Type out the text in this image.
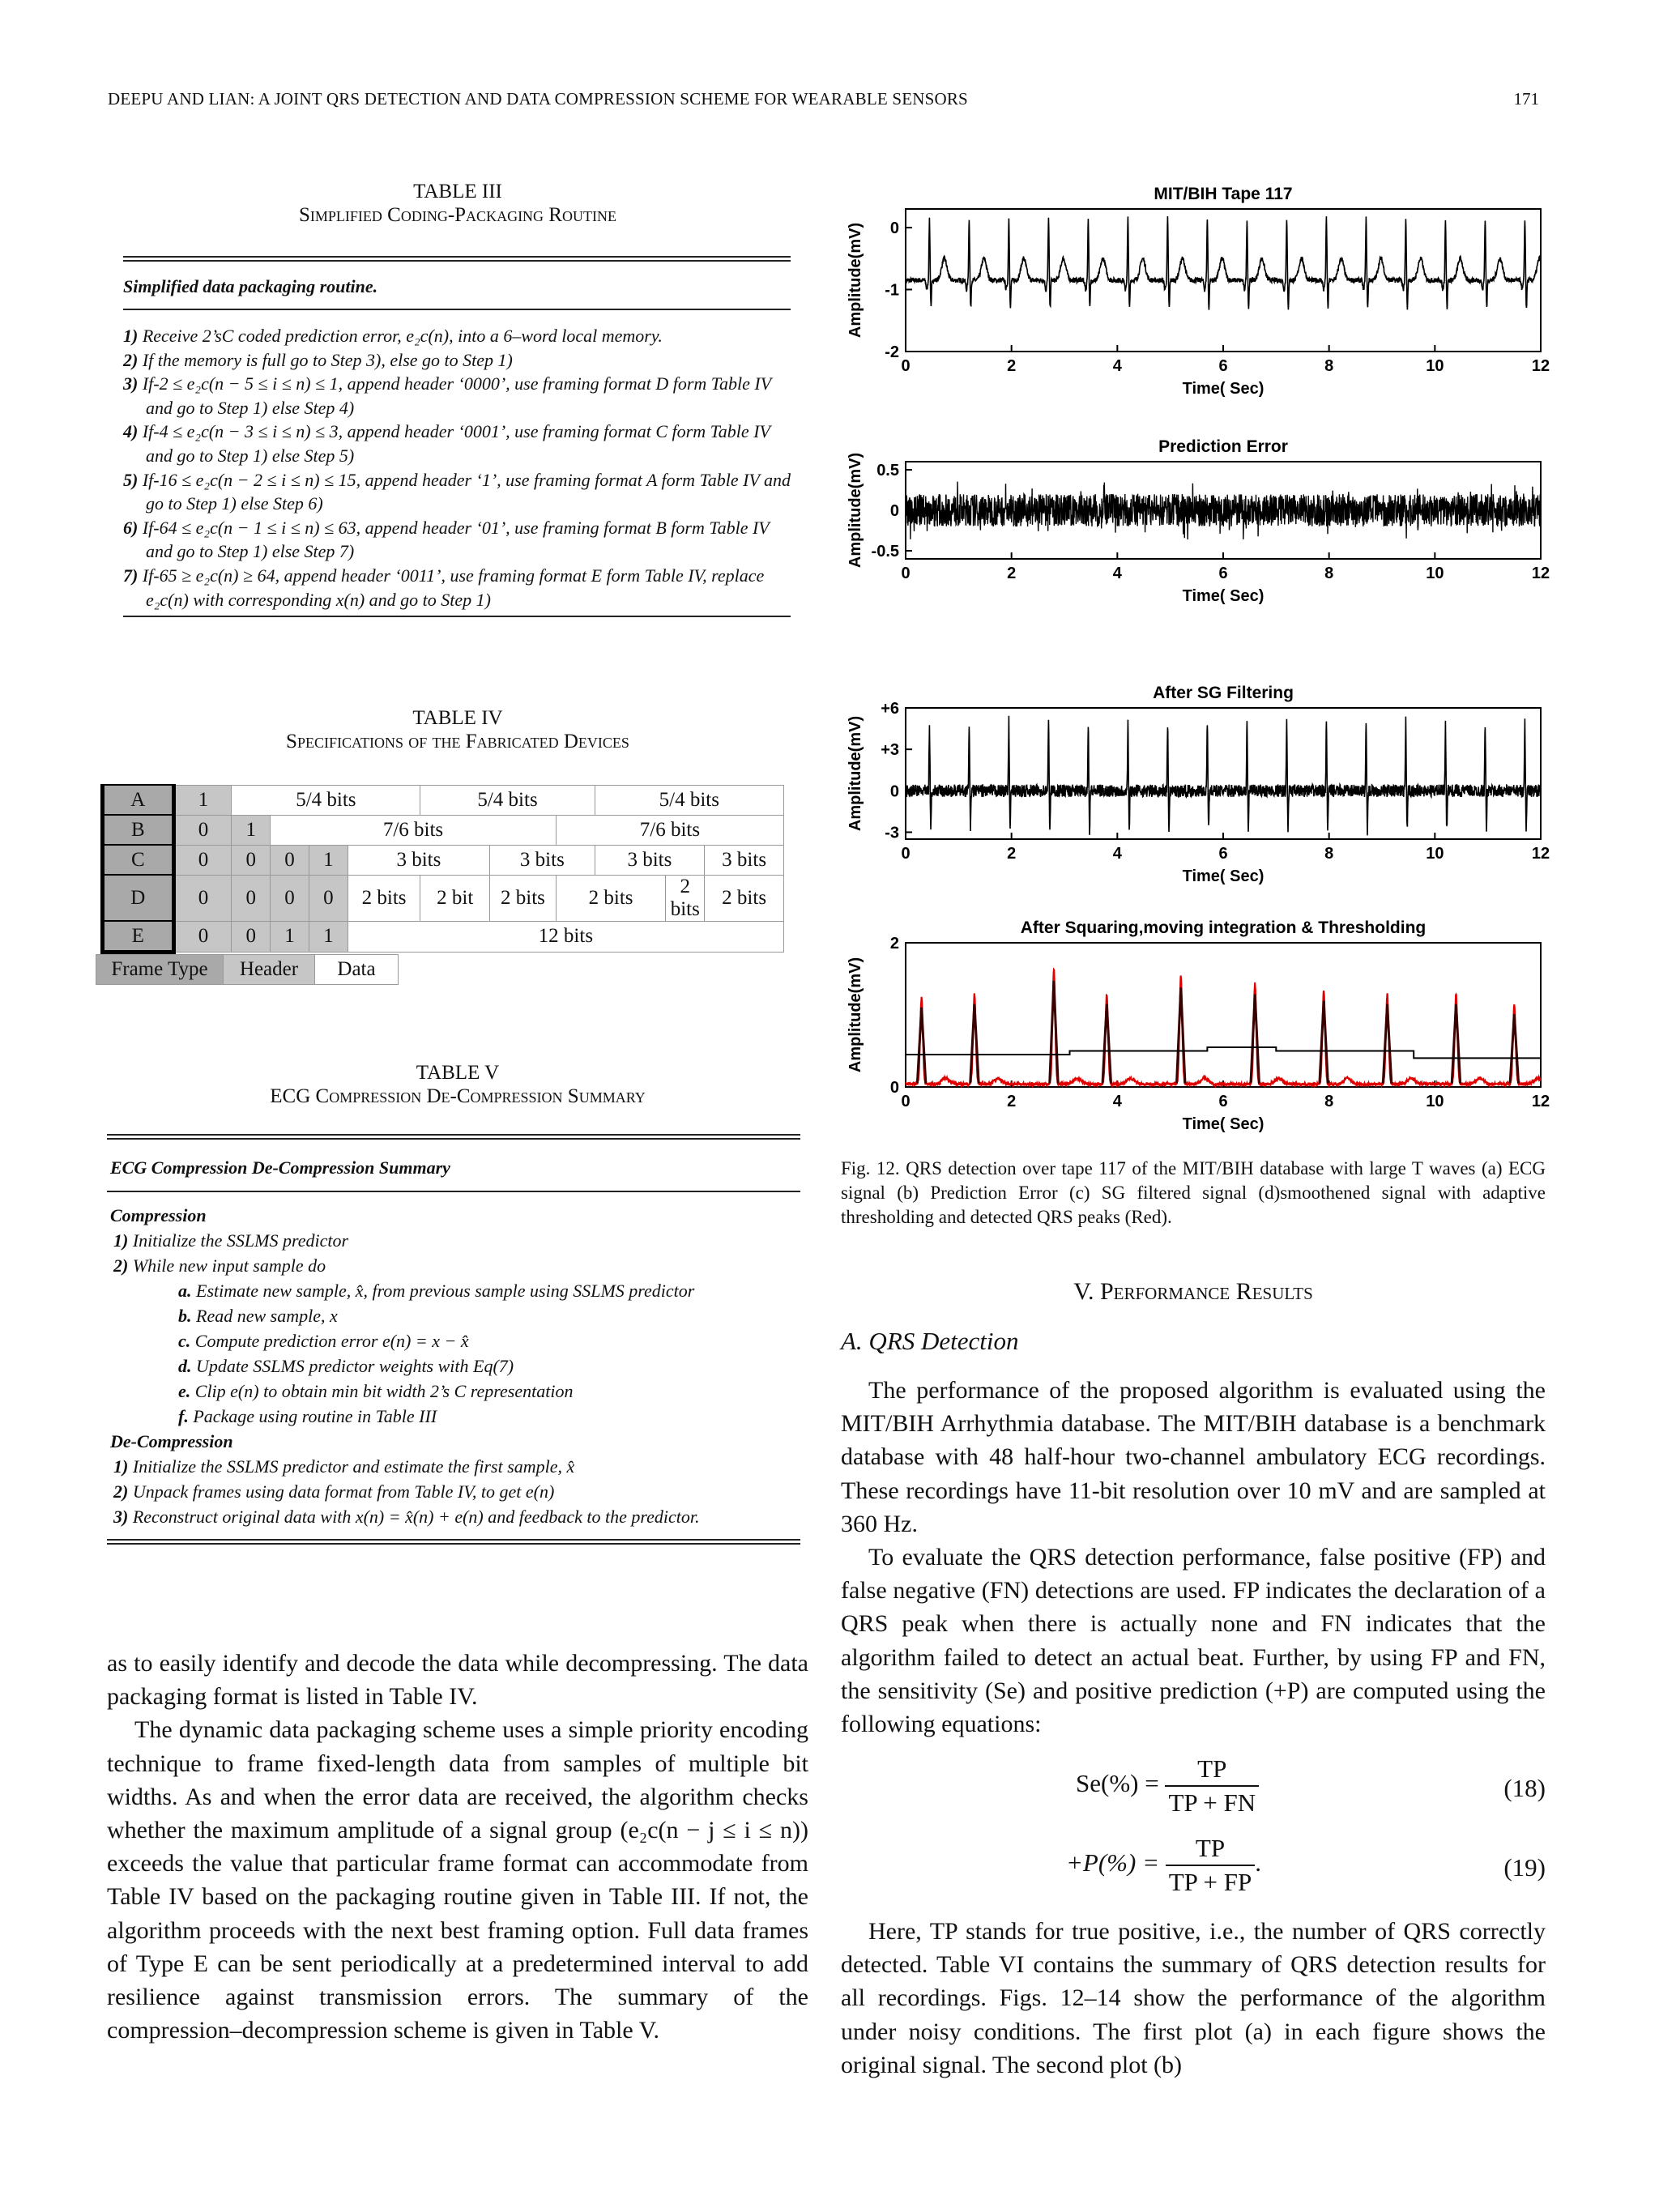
DEEPU AND LIAN: A JOINT QRS DETECTION AND DATA COMPRESSION SCHEME FOR WEARABLE SENSORS	171
TABLE III
Simplified Coding-Packaging Routine
Simplified data packaging routine.
1) Receive 2’sC coded prediction error, e₂c(n), into a 6–word local memory.
2) If the memory is full go to Step 3), else go to Step 1)
3) If-2 ≤ e₂c(n − 5 ≤ i ≤ n) ≤ 1, append header ‘0000’, use framing format D form Table IV and go to Step 1) else Step 4)
4) If-4 ≤ e₂c(n − 3 ≤ i ≤ n) ≤ 3, append header ‘0001’, use framing format C form Table IV and go to Step 1) else Step 5)
5) If-16 ≤ e₂c(n − 2 ≤ i ≤ n) ≤ 15, append header ‘1’, use framing format A form Table IV and go to Step 1) else Step 6)
6) If-64 ≤ e₂c(n − 1 ≤ i ≤ n) ≤ 63, append header ‘01’, use framing format B form Table IV and go to Step 1) else Step 7)
7) If-65 ≥ e₂c(n) ≥ 64, append header ‘0011’, use framing format E form Table IV, replace e₂c(n) with corresponding x(n) and go to Step 1)
TABLE IV
Specifications of the Fabricated Devices
A	1	5/4 bits				5/4 bits			5/4 bits		
B	0	1	7/6 bits					7/6 bits			
C	0	0	0	1	3 bits		3 bits		3 bits		3 bits
D	0	0	0	0	2 bits	2 bit	2 bits	2 bits		2 bits	2 bits
E	0	0	1	1	12 bits						
Frame Type	Header	Data
TABLE V
ECG Compression De-Compression Summary
ECG Compression De-Compression Summary
Compression
1) Initialize the SSLMS predictor
2) While new input sample do
a. Estimate new sample, x̂, from previous sample using SSLMS predictor
b. Read new sample, x
c. Compute prediction error e(n) = x − x̂
d. Update SSLMS predictor weights with Eq(7)
e. Clip e(n) to obtain min bit width 2’s C representation
f. Package using routine in Table III
De-Compression
1) Initialize the SSLMS predictor and estimate the first sample, x̂
2) Unpack frames using data format from Table IV, to get e(n)
3) Reconstruct original data with x(n) = x̂(n) + e(n) and feedback to the predictor.

as to easily identify and decode the data while decompressing. The data packaging format is listed in Table IV.

The dynamic data packaging scheme uses a simple priority encoding technique to frame fixed-length data from samples of multiple bit widths. As and when the error data are received, the algorithm checks whether the maximum amplitude of a signal group (e₂c(n − j ≤ i ≤ n)) exceeds the value that particular frame format can accommodate from Table IV based on the packaging routine given in Table III. If not, the algorithm proceeds with the next best framing option. Full data frames of Type E can be sent periodically at a predetermined interval to add resilience against transmission errors. The summary of the compression–decompression scheme is given in Table V.

MIT/BIH Tape 117
0	2	4	6	8	10	12
0
-1
-2
Time( Sec)
Amplitude(mV)
Prediction Error
0	2	4	6	8	10	12
0.5
0
-0.5
Time( Sec)
Amplitude(mV)
After SG Filtering
0	2	4	6	8	10	12
+6
+3
0
-3
Time( Sec)
Amplitude(mV)
After Squaring,moving integration & Thresholding
0	2	4	6	8	10	12
2
0
Time( Sec)
Amplitude(mV)
Fig. 12. QRS detection over tape 117 of the MIT/BIH database with large T waves (a) ECG signal (b) Prediction Error (c) SG filtered signal (d)smoothened signal with adaptive thresholding and detected QRS peaks (Red).
V. Performance Results
A. QRS Detection

The performance of the proposed algorithm is evaluated using the MIT/BIH Arrhythmia database. The MIT/BIH database is a benchmark database with 48 half-hour two-channel ambulatory ECG recordings. These recordings have 11-bit resolution over 10 mV and are sampled at 360 Hz.

To evaluate the QRS detection performance, false positive (FP) and false negative (FN) detections are used. FP indicates the declaration of a QRS peak when there is actually none and FN indicates that the algorithm failed to detect an actual beat. Further, by using FP and FN, the sensitivity (Se) and positive prediction (+P) are computed using the following equations:

$Se(\%) = \frac{TP}{TP + FN}$	(18)
$+P(\%) = \frac{TP}{TP + FP}$ .	(19)

Here, TP stands for true positive, i.e., the number of QRS correctly detected. Table VI contains the summary of QRS detection results for all recordings. Figs. 12–14 show the performance of the algorithm under noisy conditions. The first plot (a) in each figure shows the original signal. The second plot (b)
